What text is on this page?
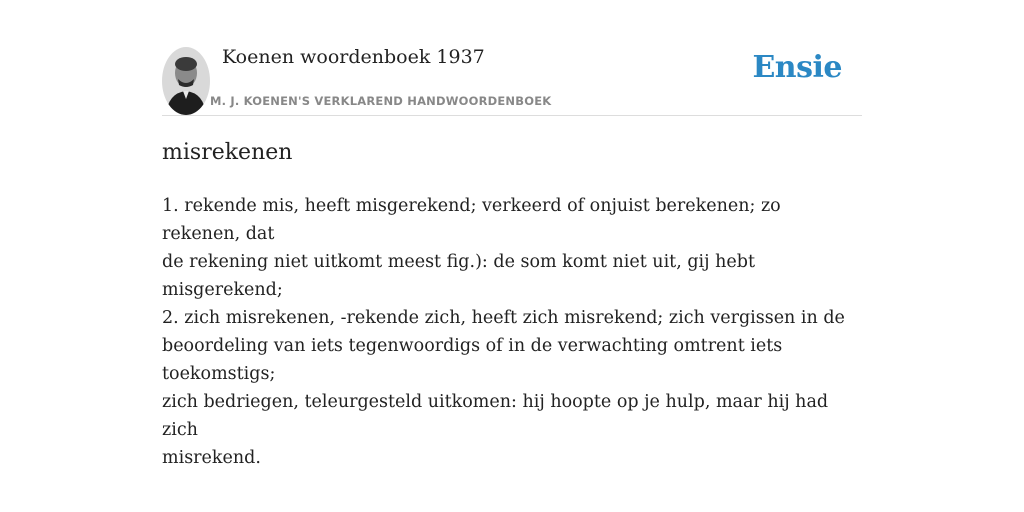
Koenen woordenboek 1937
M. J. KOENEN'S VERKLAREND HANDWOORDENBOEK
Ensie
misrekenen

1. rekende mis, heeft misgerekend; verkeerd of onjuist berekenen; zo rekenen, dat

de rekening niet uitkomt meest fig.): de som komt niet uit, gij hebt misgerekend;

2. zich misrekenen, -rekende zich, heeft zich misrekend; zich vergissen in de

beoordeling van iets tegenwoordigs of in de verwachting omtrent iets toekomstigs;

zich bedriegen, teleurgesteld uitkomen: hij hoopte op je hulp, maar hij had zich

misrekend.
